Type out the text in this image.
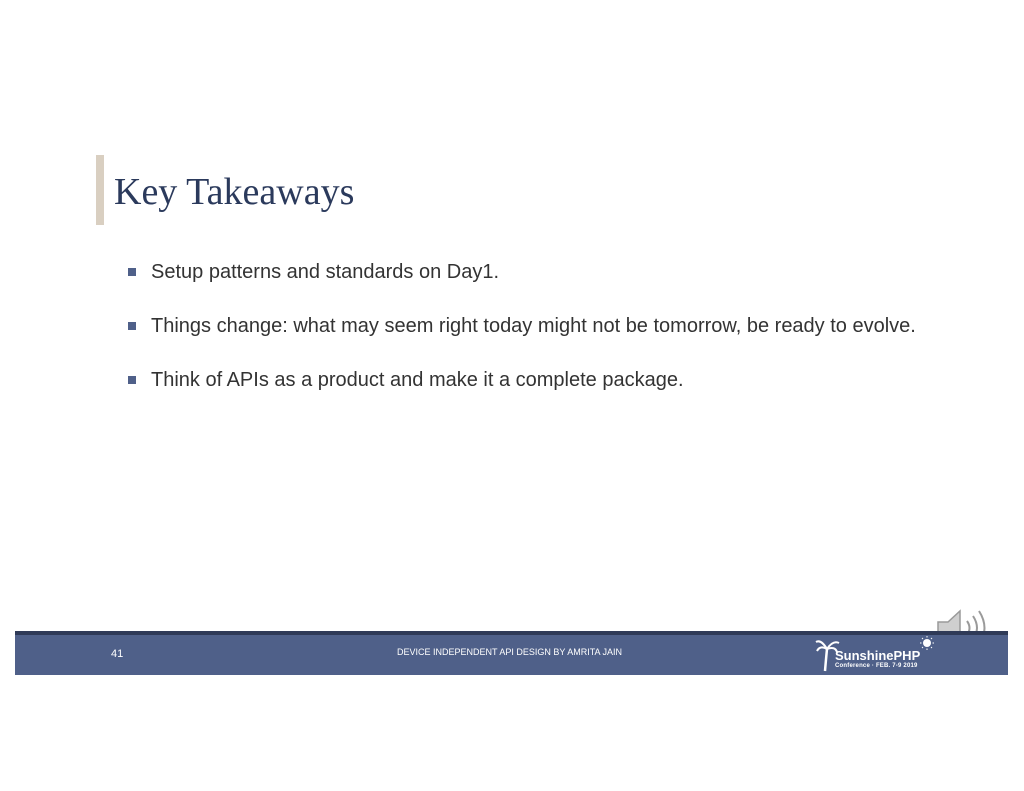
Key Takeaways
Setup patterns and standards on Day1.
Things change: what may seem right today might not be tomorrow, be ready to evolve.
Think of APIs as a product and make it a complete package.
41	DEVICE INDEPENDENT API DESIGN BY AMRITA JAIN	SunshinePHP
Conference · FEB. 7-9 2019
